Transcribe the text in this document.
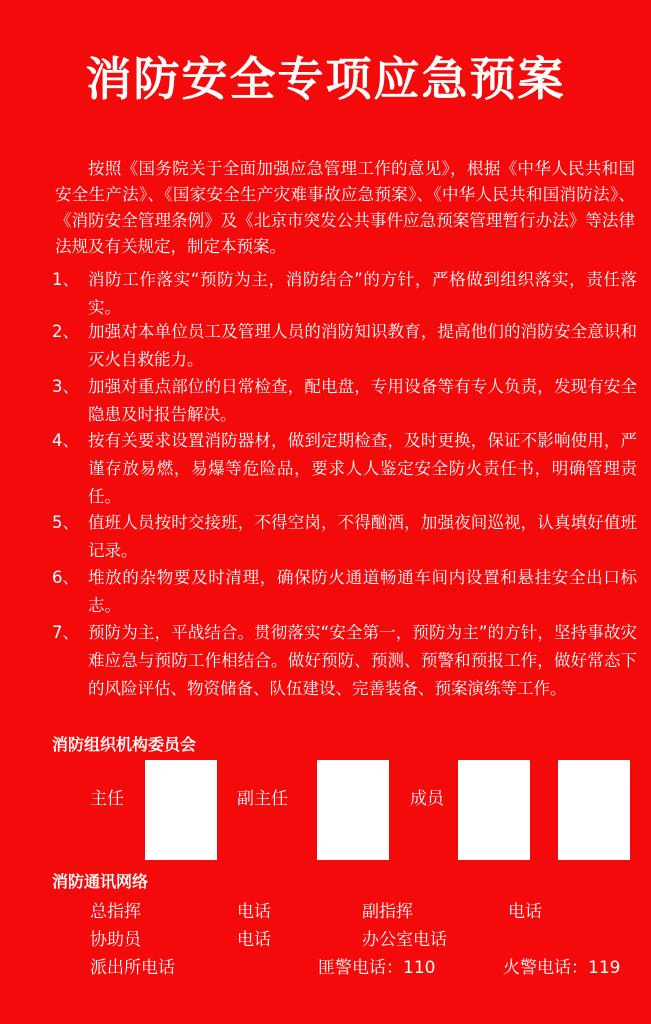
消防安全专项应急预案
按照《国务院关于全面加强应急管理工作的意见》，根据《中华人民共和国安全生产法》、《国家安全生产灾难事故应急预案》、《中华人民共和国消防法》、《消防安全管理条例》及《北京市突发公共事件应急预案管理暂行办法》等法律法规及有关规定，制定本预案。
1、 消防工作落实“预防为主，消防结合”的方针，严格做到组织落实，责任落实。
2、 加强对本单位员工及管理人员的消防知识教育，提高他们的消防安全意识和灭火自救能力。
3、 加强对重点部位的日常检查，配电盘，专用设备等有专人负责，发现有安全隐患及时报告解决。
4、 按有关要求设置消防器材，做到定期检查，及时更换，保证不影响使用，严谨存放易燃，易爆等危险品，要求人人鉴定安全防火责任书，明确管理责任。
5、 值班人员按时交接班，不得空岗，不得酗酒，加强夜间巡视，认真填好值班记录。
6、 堆放的杂物要及时清理，确保防火通道畅通车间内设置和悬挂安全出口标志。
7、 预防为主，平战结合。贯彻落实“安全第一，预防为主”的方针，坚持事故灾难应急与预防工作相结合。做好预防、预测、预警和预报工作，做好常态下的风险评估、物资储备、队伍建设、完善装备、预案演练等工作。
消防组织机构委员会
主任	副主任	成员
消防通讯网络
总指挥	电话	副指挥	电话
协助员	电话	办公室电话
派出所电话	匪警电话：110	火警电话：119
